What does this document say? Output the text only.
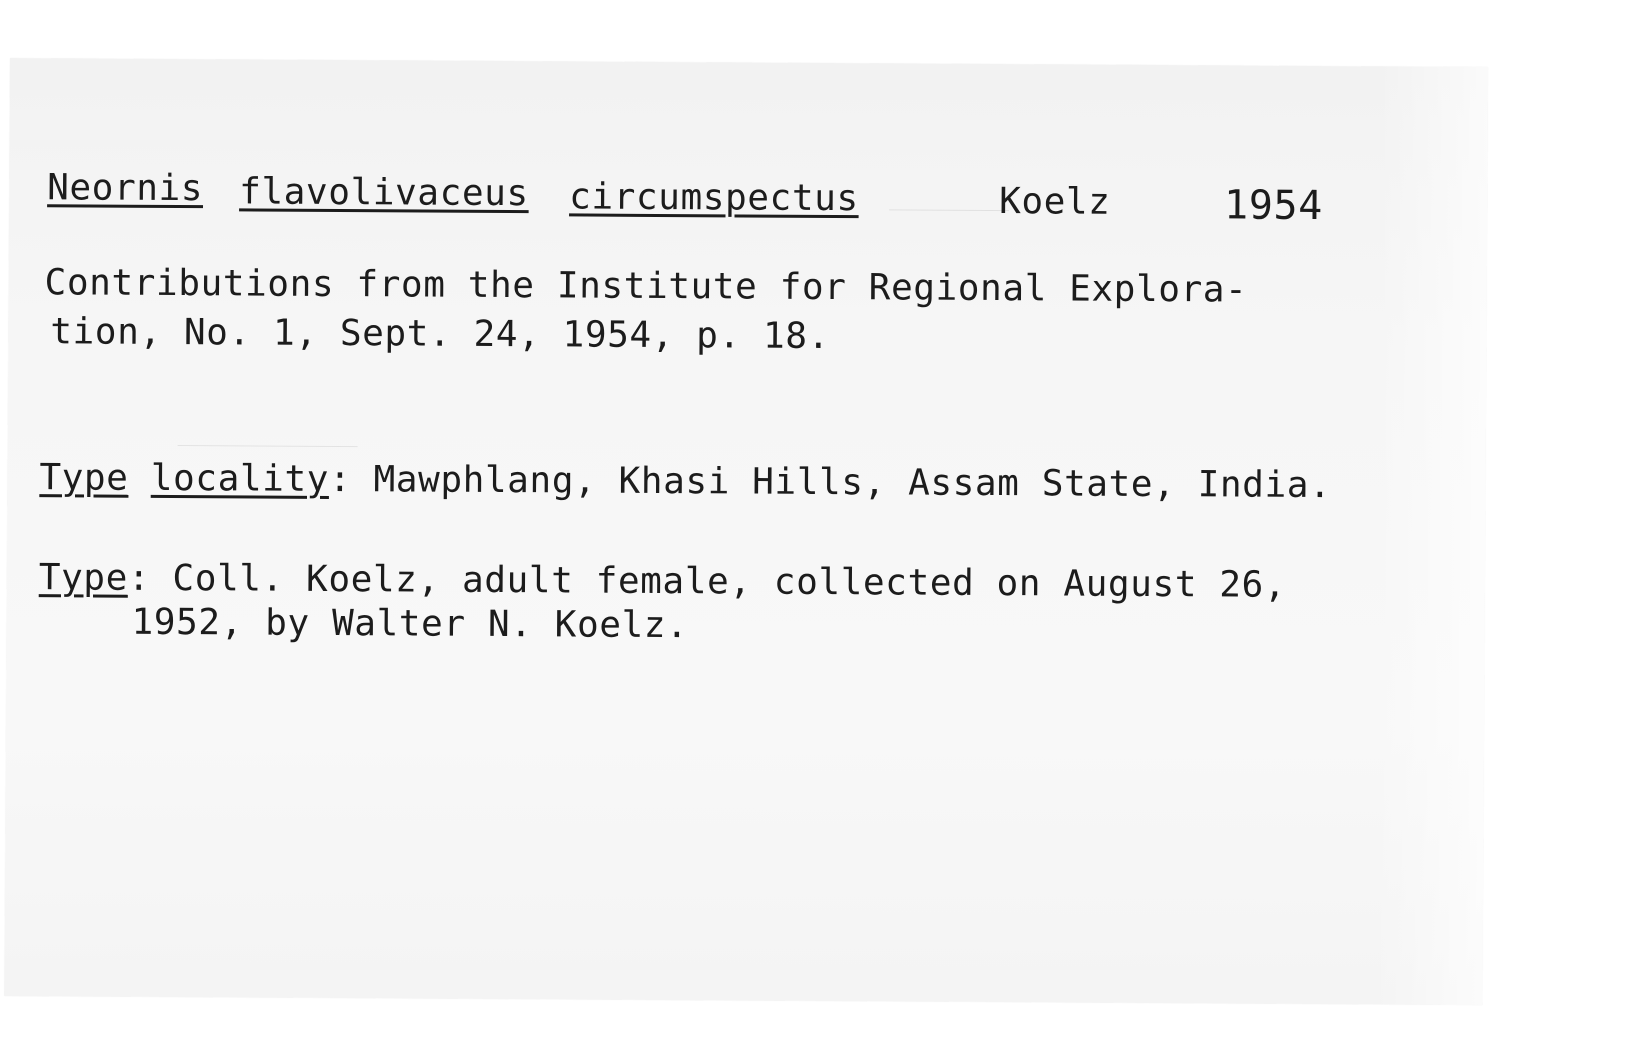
Neornis flavolivaceus circumspectus	Koelz	1954
Contributions from the Institute for Regional Explora-
tion, No. 1, Sept. 24, 1954, p. 18.
Type locality: Mawphlang, Khasi Hills, Assam State, India.
Type: Coll. Koelz, adult female, collected on August 26,
1952, by Walter N. Koelz.
